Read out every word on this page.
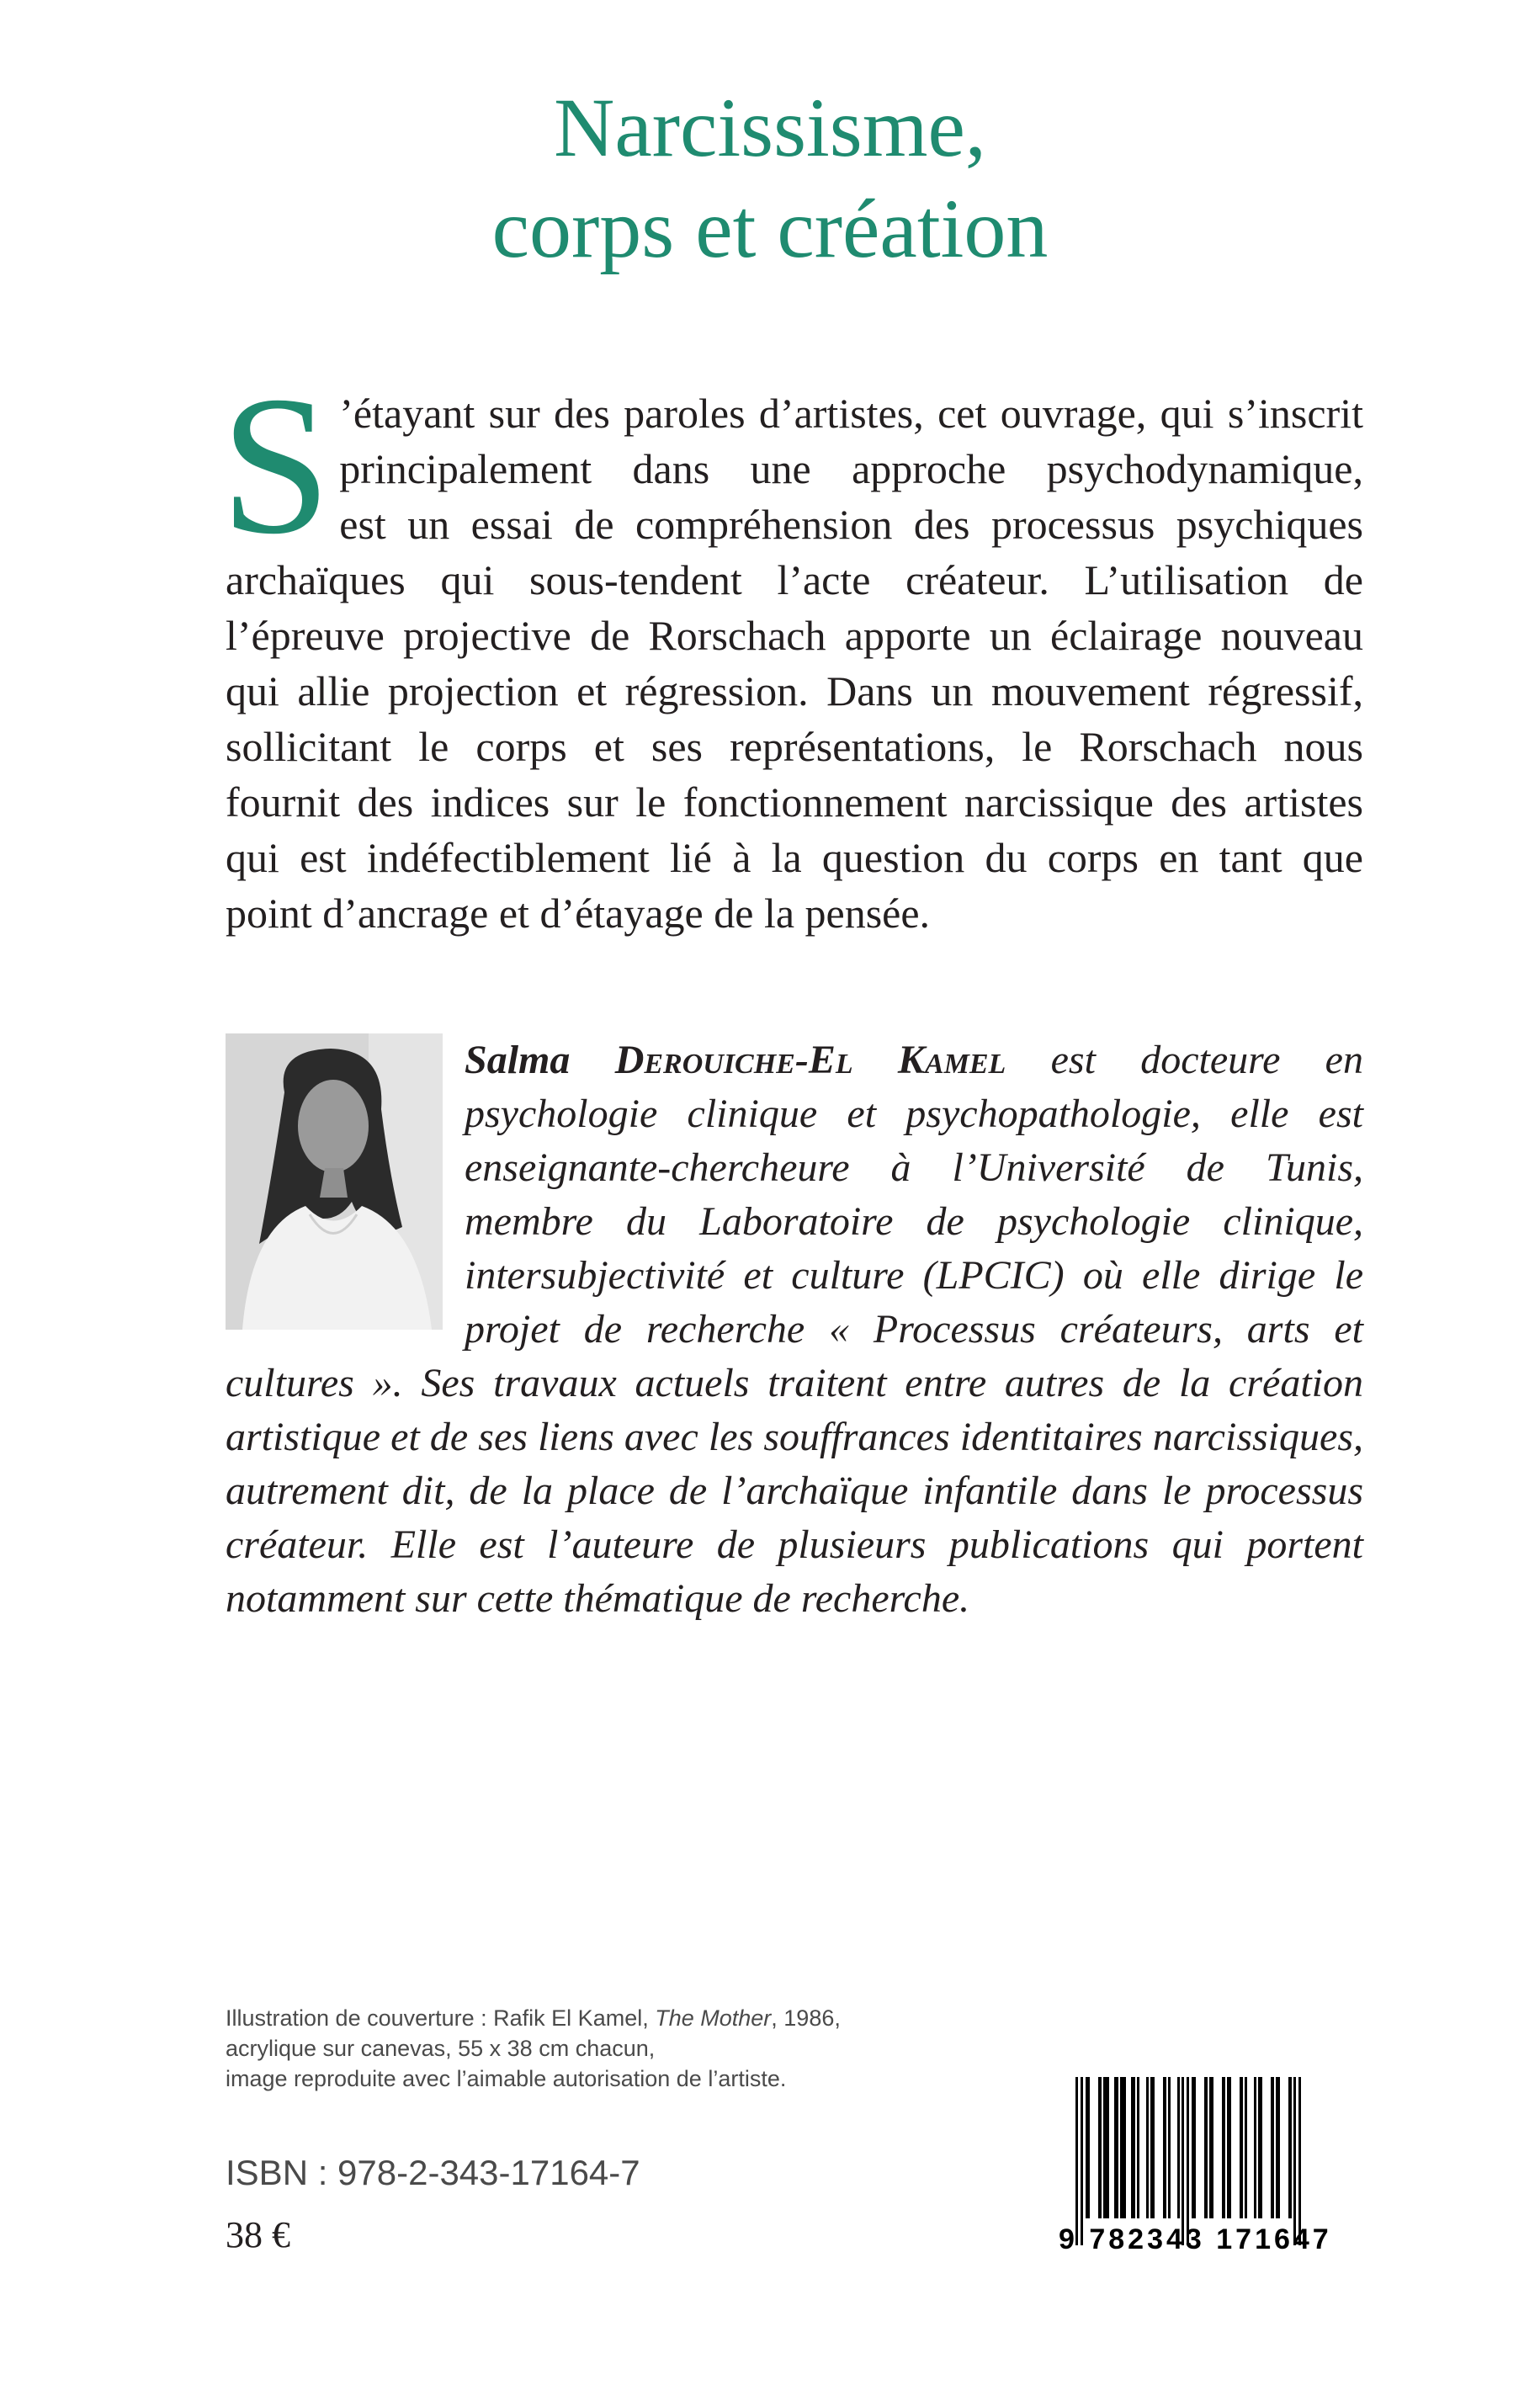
Narcissisme,
corps et création
S ’étayant sur des paroles d’artistes, cet ouvrage, qui s’inscrit
principalement dans une approche psychodynamique,
est un essai de compréhension des processus psychiques
archaïques qui sous-tendent l’acte créateur. L’utilisation de
l’épreuve projective de Rorschach apporte un éclairage nouveau
qui allie projection et régression. Dans un mouvement régressif,
sollicitant le corps et ses représentations, le Rorschach nous
fournit des indices sur le fonctionnement narcissique des artistes
qui est indéfectiblement lié à la question du corps en tant que
point d’ancrage et d’étayage de la pensée.
Salma Derouiche-El Kamel est docteure en psychologie clinique et psychopathologie, elle est enseignante-chercheure à l’Université de Tunis, membre du Laboratoire de psychologie clinique, intersubjectivité et culture (LPCIC) où elle dirige le projet de recherche « Processus créateurs, arts et cultures ». Ses travaux actuels traitent entre autres de la création artistique et de ses liens avec les souffrances identitaires narcissiques, autrement dit, de la place de l’archaïque infantile dans le processus créateur. Elle est l’auteure de plusieurs publications qui portent notamment sur cette thématique de recherche.
Illustration de couverture : Rafik El Kamel, The Mother, 1986,
acrylique sur canevas, 55 x 38 cm chacun,
image reproduite avec l’aimable autorisation de l’artiste.
ISBN : 978-2-343-17164-7
38 €	9 782343 171647
